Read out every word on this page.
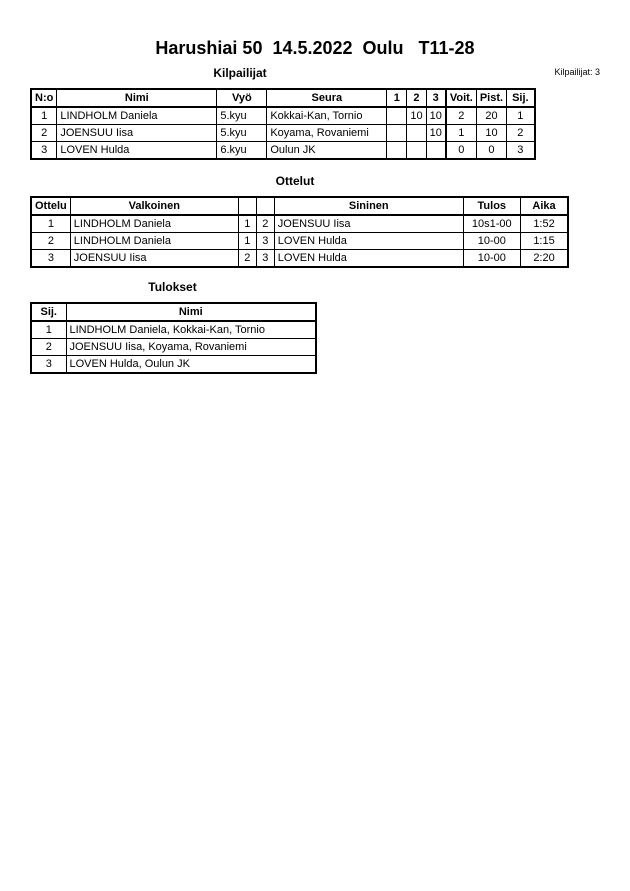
Harushiai 50  14.5.2022  Oulu   T11-28
Kilpailijat: 3
Kilpailijat
N:o	Nimi	Vyö	Seura	1	2	3	Voit.	Pist.	Sij.
1	LINDHOLM Daniela	5.kyu	Kokkai-Kan, Tornio		10	10	2	20	1
2	JOENSUU Iisa	5.kyu	Koyama, Rovaniemi			10	1	10	2
3	LOVEN Hulda	6.kyu	Oulun JK				0	0	3
Ottelut
Ottelu	Valkoinen			Sininen	Tulos	Aika
1	LINDHOLM Daniela	1	2	JOENSUU Iisa	10s1-00	1:52
2	LINDHOLM Daniela	1	3	LOVEN Hulda	10-00	1:15
3	JOENSUU Iisa	2	3	LOVEN Hulda	10-00	2:20
Tulokset
Sij.	Nimi
1	LINDHOLM Daniela, Kokkai-Kan, Tornio
2	JOENSUU Iisa, Koyama, Rovaniemi
3	LOVEN Hulda, Oulun JK
